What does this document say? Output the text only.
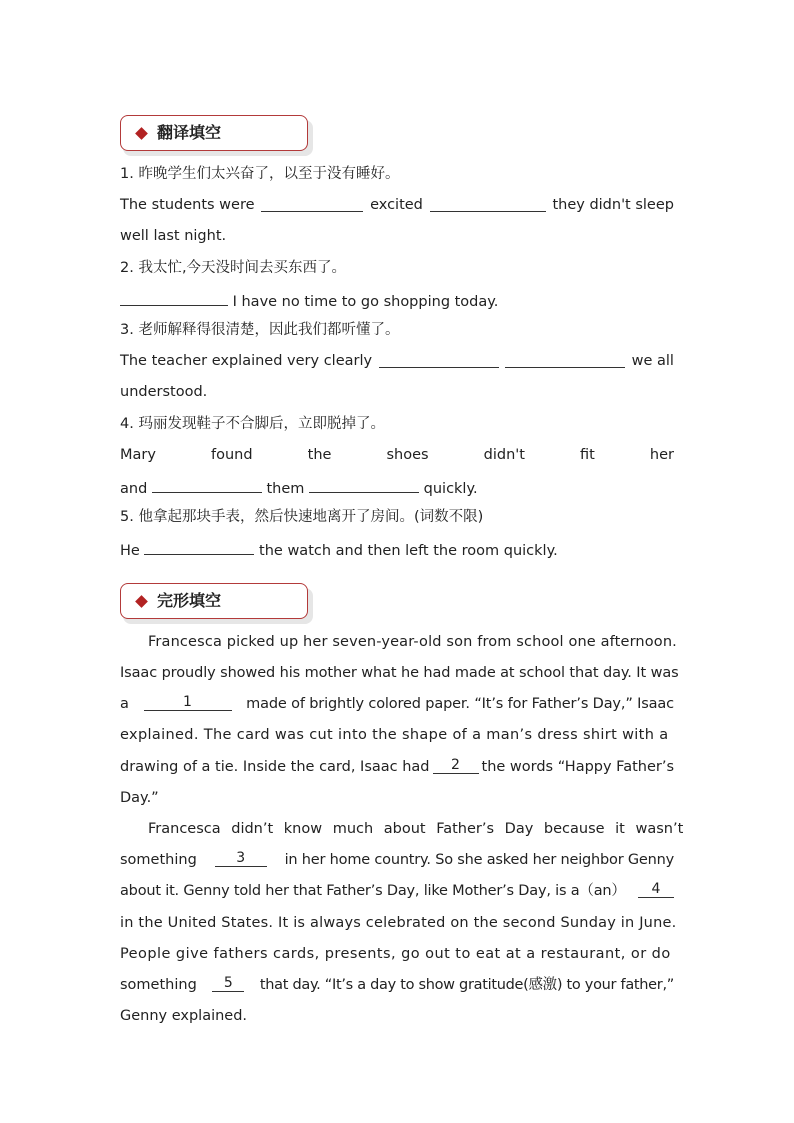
翻译填空
1. 昨晚学生们太兴奋了，以至于没有睡好。
The students were	excited	they didn't sleep
well last night.
2. 我太忙,今天没时间去买东西了。
I have no time to go shopping today.
3. 老师解释得很清楚，因此我们都听懂了。
The teacher explained very clearly	we all
understood.
4. 玛丽发现鞋子不合脚后，立即脱掉了。
Mary	found	the	shoes	didn't	fit	her
and	them	quickly.
5. 他拿起那块手表，然后快速地离开了房间。(词数不限)
He	the watch and then left the room quickly.
完形填空
Francesca picked up her seven-year-old son from school one afternoon.
Isaac proudly showed his mother what he had made at school that day. It was
a	1	made of brightly colored paper. “It’s for Father’s Day,” Isaac
explained. The card was cut into the shape of a man’s dress shirt with a
drawing of a tie. Inside the card, Isaac had	2	the words “Happy Father’s
Day.”
Francesca didn’t know much about Father’s Day because it wasn’t
something	3	in her home country. So she asked her neighbor Genny
about it. Genny told her that Father’s Day, like Mother’s Day, is a（an）	4
in the United States. It is always celebrated on the second Sunday in June.
People give fathers cards, presents, go out to eat at a restaurant, or do
something	5	that day. “It’s a day to show gratitude(感激) to your father,”
Genny explained.
